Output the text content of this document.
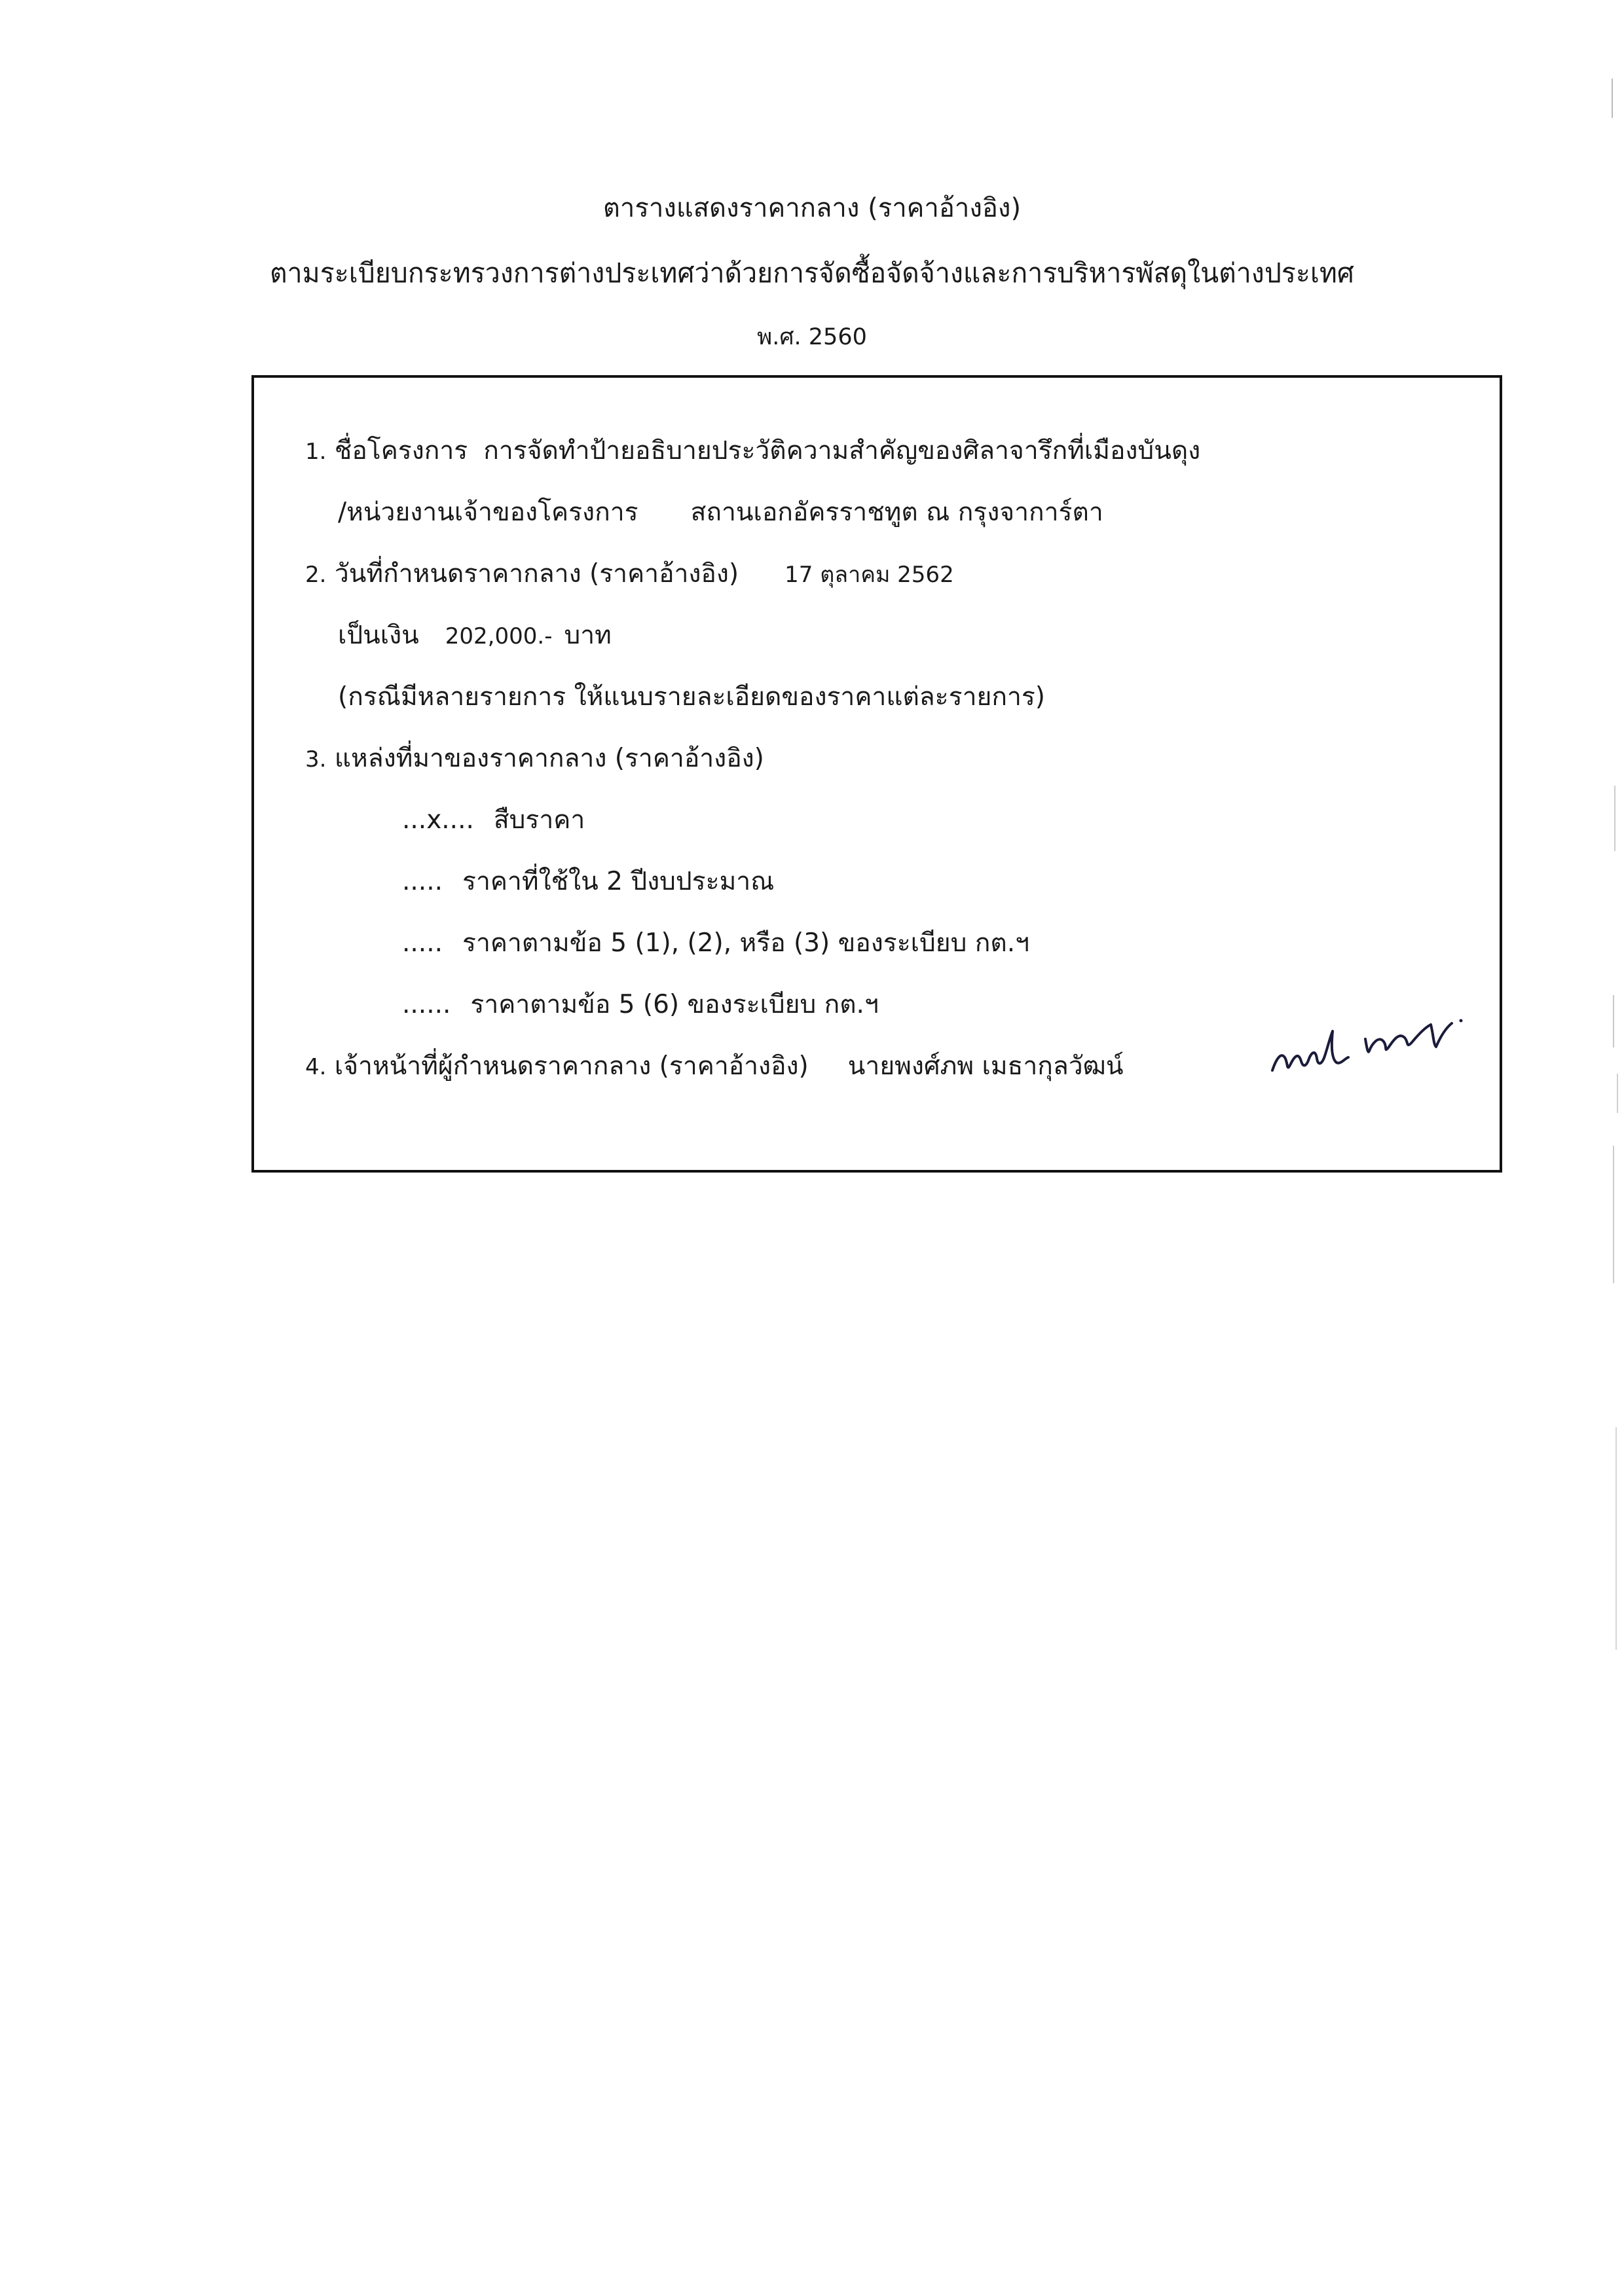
ตารางแสดงราคากลาง (ราคาอ้างอิง)
ตามระเบียบกระทรวงการต่างประเทศว่าด้วยการจัดซื้อจัดจ้างและการบริหารพัสดุในต่างประเทศ
พ.ศ. 2560
1. ชื่อโครงการ การจัดทำป้ายอธิบายประวัติความสำคัญของศิลาจารึกที่เมืองบันดุง
/หน่วยงานเจ้าของโครงการ สถานเอกอัครราชทูต ณ กรุงจาการ์ตา
2. วันที่กำหนดราคากลาง (ราคาอ้างอิง) 17 ตุลาคม 2562
เป็นเงิน 202,000.- บาท
(กรณีมีหลายรายการ ให้แนบรายละเอียดของราคาแต่ละรายการ)
3. แหล่งที่มาของราคากลาง (ราคาอ้างอิง)
...x.... สืบราคา
..... ราคาที่ใช้ใน 2 ปีงบประมาณ
..... ราคาตามข้อ 5 (1), (2), หรือ (3) ของระเบียบ กต.ฯ
...... ราคาตามข้อ 5 (6) ของระเบียบ กต.ฯ
4. เจ้าหน้าที่ผู้กำหนดราคากลาง (ราคาอ้างอิง) นายพงศ์ภพ เมธากุลวัฒน์
